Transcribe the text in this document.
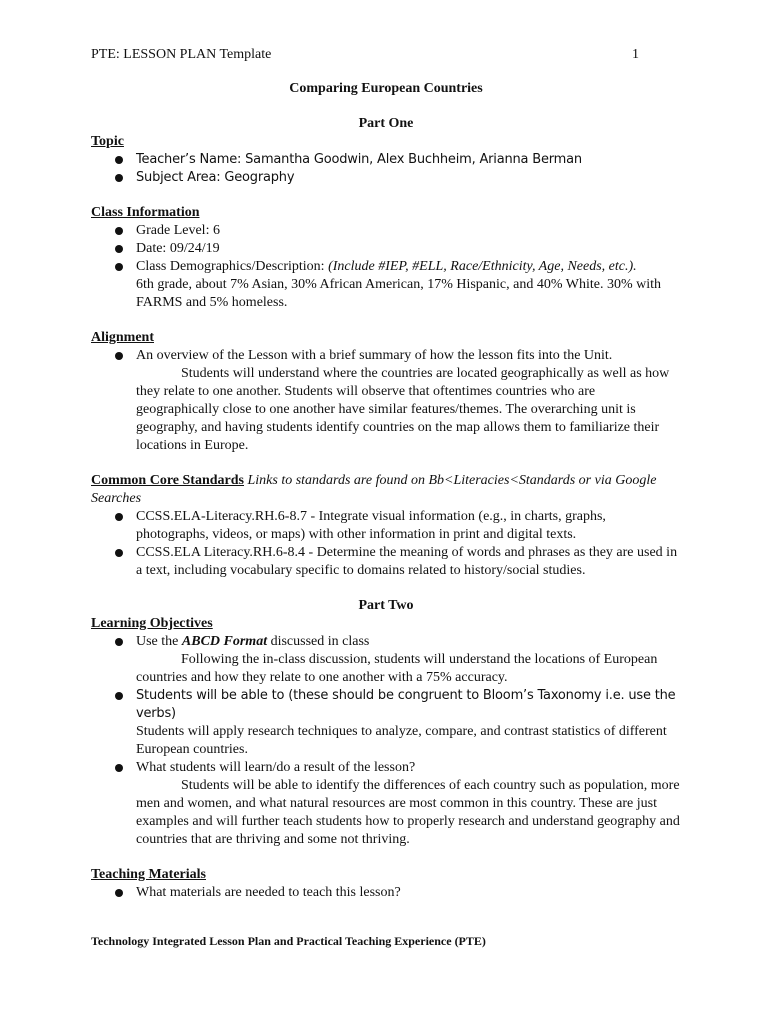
PTE: LESSON PLAN Template	1
Comparing European Countries
Part One
Topic
Teacher’s Name: Samantha Goodwin, Alex Buchheim, Arianna Berman
Subject Area: Geography
Class Information
Grade Level: 6
Date: 09/24/19
Class Demographics/Description: (Include #IEP, #ELL, Race/Ethnicity, Age, Needs, etc.).
6th grade, about 7% Asian, 30% African American, 17% Hispanic, and 40% White. 30% with FARMS and 5% homeless.
Alignment
An overview of the Lesson with a brief summary of how the lesson fits into the Unit.
Students will understand where the countries are located geographically as well as how they relate to one another. Students will observe that oftentimes countries who are geographically close to one another have similar features/themes. The overarching unit is geography, and having students identify countries on the map allows them to familiarize their locations in Europe.
Common Core Standards Links to standards are found on Bb<Literacies<Standards or via Google Searches
CCSS.ELA-Literacy.RH.6-8.7 - Integrate visual information (e.g., in charts, graphs, photographs, videos, or maps) with other information in print and digital texts.
CCSS.ELA Literacy.RH.6-8.4 - Determine the meaning of words and phrases as they are used in a text, including vocabulary specific to domains related to history/social studies.
Part Two
Learning Objectives
Use the ABCD Format discussed in class
Following the in-class discussion, students will understand the locations of European countries and how they relate to one another with a 75% accuracy.
Students will be able to (these should be congruent to Bloom’s Taxonomy i.e. use the verbs)
Students will apply research techniques to analyze, compare, and contrast statistics of different European countries.
What students will learn/do a result of the lesson?
Students will be able to identify the differences of each country such as population, more men and women, and what natural resources are most common in this country. These are just examples and will further teach students how to properly research and understand geography and countries that are thriving and some not thriving.
Teaching Materials
What materials are needed to teach this lesson?
Technology Integrated Lesson Plan and Practical Teaching Experience (PTE)
